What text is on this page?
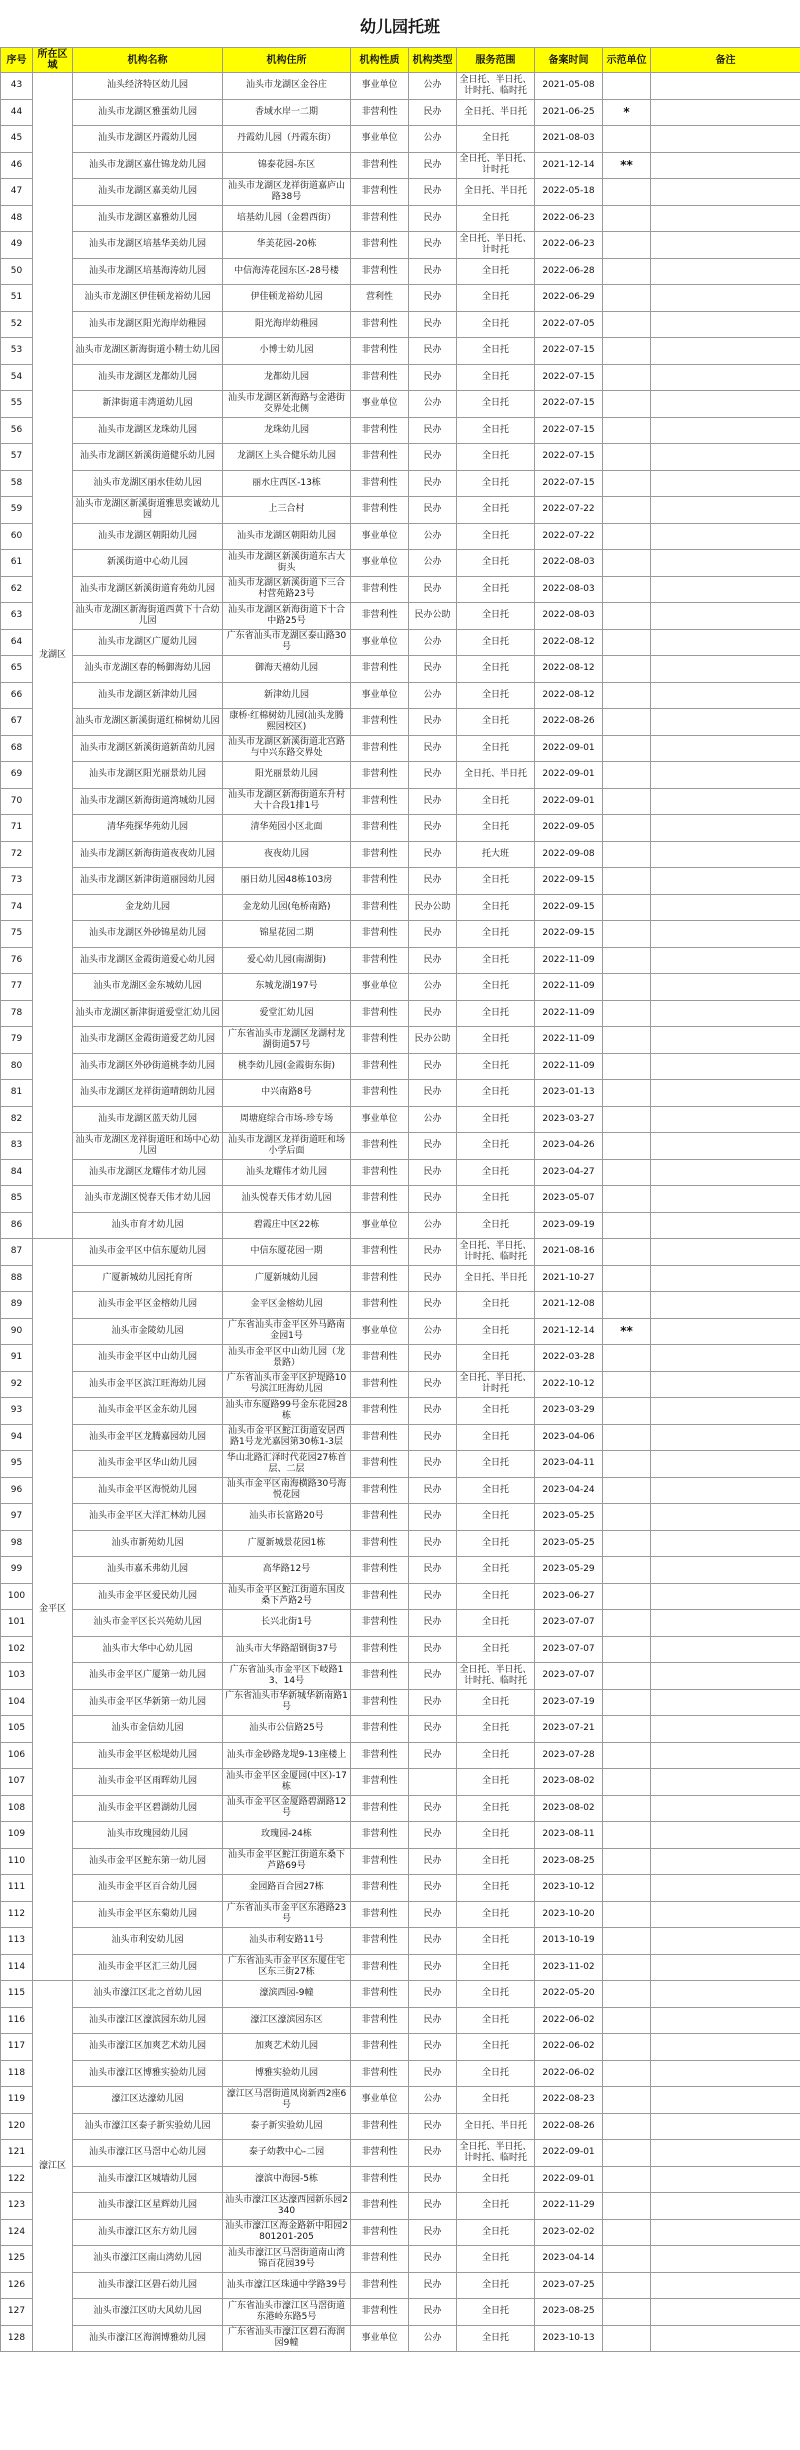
幼儿园托班
序号	所在区域	机构名称	机构住所	机构性质	机构类型	服务范围	备案时间	示范单位	备注
43	龙湖区	汕头经济特区幼儿园	汕头市龙湖区金谷庄	事业单位	公办	全日托、半日托、计时托、临时托	2021-05-08		
44		汕头市龙湖区雅蛋幼儿园	香域水岸一二期	非营利性	民办	全日托、半日托	2021-06-25	*	
45		汕头市龙湖区丹霞幼儿园	丹霞幼儿园（丹霞东街）	事业单位	公办	全日托	2021-08-03		
46		汕头市龙湖区嘉仕锦龙幼儿园	锦泰花园-东区	非营利性	民办	全日托、半日托、计时托	2021-12-14	**	
47		汕头市龙湖区嘉美幼儿园	汕头市龙湖区龙祥街道嘉庐山路38号	非营利性	民办	全日托、半日托	2022-05-18		
48		汕头市龙湖区嘉雅幼儿园	培基幼儿园（金碧西街）	非营利性	民办	全日托	2022-06-23		
49		汕头市龙湖区培基华美幼儿园	华美花园-20栋	非营利性	民办	全日托、半日托、计时托	2022-06-23		
50		汕头市龙湖区培基海涛幼儿园	中信海涛花园东区-28号楼	非营利性	民办	全日托	2022-06-28		
51		汕头市龙湖区伊佳顿龙裕幼儿园	伊佳顿龙裕幼儿园	营利性	民办	全日托	2022-06-29		
52		汕头市龙湖区阳光海岸幼稚园	阳光海岸幼稚园	非营利性	民办	全日托	2022-07-05		
53		汕头市龙湖区新海街道小精士幼儿园	小博士幼儿园	非营利性	民办	全日托	2022-07-15		
54		汕头市龙湖区龙都幼儿园	龙都幼儿园	非营利性	民办	全日托	2022-07-15		
55		新津街道丰湾道幼儿园	汕头市龙湖区新海路与金港街交界处北侧	事业单位	公办	全日托	2022-07-15		
56		汕头市龙湖区龙珠幼儿园	龙珠幼儿园	非营利性	民办	全日托	2022-07-15		
57		汕头市龙湖区新溪街道健乐幼儿园	龙湖区上头合健乐幼儿园	非营利性	民办	全日托	2022-07-15		
58		汕头市龙湖区丽水佳幼儿园	丽水庄西区-13栋	非营利性	民办	全日托	2022-07-15		
59		汕头市龙湖区新溪街道雅思奕诚幼儿园	上三合村	非营利性	民办	全日托	2022-07-22		
60		汕头市龙湖区朝阳幼儿园	汕头市龙湖区朝阳幼儿园	事业单位	公办	全日托	2022-07-22		
61		新溪街道中心幼儿园	汕头市龙湖区新溪街道东古大街头	事业单位	公办	全日托	2022-08-03		
62		汕头市龙湖区新溪街道育苑幼儿园	汕头市龙湖区新溪街道下三合村营苑路23号	非营利性	民办	全日托	2022-08-03		
63		汕头市龙湖区新海街道西黄下十合幼儿园	汕头市龙湖区新海街道下十合中路25号	非营利性	民办公助	全日托	2022-08-03		
64		汕头市龙湖区广厦幼儿园	广东省汕头市龙湖区泰山路30号	事业单位	公办	全日托	2022-08-12		
65		汕头市龙湖区春的畅御海幼儿园	御海天禧幼儿园	非营利性	民办	全日托	2022-08-12		
66		汕头市龙湖区新津幼儿园	新津幼儿园	事业单位	公办	全日托	2022-08-12		
67		汕头市龙湖区新溪街道红棉树幼儿园	康桥·红棉树幼儿园(汕头龙腾熙园校区)	非营利性	民办	全日托	2022-08-26		
68		汕头市龙湖区新溪街道新苗幼儿园	汕头市龙湖区新溪街道北宫路与中兴东路交界处	非营利性	民办	全日托	2022-09-01		
69		汕头市龙湖区阳光丽景幼儿园	阳光丽景幼儿园	非营利性	民办	全日托、半日托	2022-09-01		
70		汕头市龙湖区新海街道湾城幼儿园	汕头市龙湖区新海街道东升村大十合段1排1号	非营利性	民办	全日托	2022-09-01		
71		清华苑探华苑幼儿园	清华苑园小区北面	非营利性	民办	全日托	2022-09-05		
72		汕头市龙湖区新海街道夜夜幼儿园	夜夜幼儿园	非营利性	民办	托大班	2022-09-08		
73		汕头市龙湖区新津街道丽园幼儿园	丽日幼儿园48栋103房	非营利性	民办	全日托	2022-09-15		
74		金龙幼儿园	金龙幼儿园(龟桥南路)	非营利性	民办公助	全日托	2022-09-15		
75		汕头市龙湖区外砂锦星幼儿园	锦星花园二期	非营利性	民办	全日托	2022-09-15		
76		汕头市龙湖区金霞街道爱心幼儿园	爱心幼儿园(南湖街)	非营利性	民办	全日托	2022-11-09		
77		汕头市龙湖区金东城幼儿园	东城龙湖197号	事业单位	公办	全日托	2022-11-09		
78		汕头市龙湖区新津街道爱堂汇幼儿园	爱堂汇幼儿园	非营利性	民办	全日托	2022-11-09		
79		汕头市龙湖区金霞街道爱艺幼儿园	广东省汕头市龙湖区龙湖村龙湖街道57号	非营利性	民办公助	全日托	2022-11-09		
80		汕头市龙湖区外砂街道桃李幼儿园	桃李幼儿园(金霞街东街)	非营利性	民办	全日托	2022-11-09		
81		汕头市龙湖区龙祥街道晴朗幼儿园	中兴南路8号	非营利性	民办	全日托	2023-01-13		
82		汕头市龙湖区蓝天幼儿园	周塘庭综合市场-珍专场	事业单位	公办	全日托	2023-03-27		
83		汕头市龙湖区龙祥街道旺和场中心幼儿园	汕头市龙湖区龙祥街道旺和场小学后面	非营利性	民办	全日托	2023-04-26		
84		汕头市龙湖区龙耀伟才幼儿园	汕头龙耀伟才幼儿园	非营利性	民办	全日托	2023-04-27		
85		汕头市龙湖区悦春天伟才幼儿园	汕头悦春天伟才幼儿园	非营利性	民办	全日托	2023-05-07		
86		汕头市育才幼儿园	碧霞庄中区22栋	事业单位	公办	全日托	2023-09-19		
87	金平区	汕头市金平区中信东厦幼儿园	中信东厦花园一期	非营利性	民办	全日托、半日托、计时托、临时托	2021-08-16		
88		广厦新城幼儿园托育所	广厦新城幼儿园	非营利性	民办	全日托、半日托	2021-10-27		
89		汕头市金平区金榕幼儿园	金平区金榕幼儿园	非营利性	民办	全日托	2021-12-08		
90		汕头市金陵幼儿园	广东省汕头市金平区外马路南金园1号	事业单位	公办	全日托	2021-12-14	**	
91		汕头市金平区中山幼儿园	汕头市金平区中山幼儿园（龙景路）	非营利性	民办	全日托	2022-03-28		
92		汕头市金平区滨江旺海幼儿园	广东省汕头市金平区护堤路10号滨江旺海幼儿园	非营利性	民办	全日托、半日托、计时托	2022-10-12		
93		汕头市金平区金东幼儿园	汕头市东厦路99号金东花园28栋	非营利性	民办	全日托	2023-03-29		
94		汕头市金平区龙腾嘉园幼儿园	汕头市金平区鮀江街道安居西路1号龙光嘉园第30栋1-3层	非营利性	民办	全日托	2023-04-06		
95		汕头市金平区华山幼儿园	华山北路汇泽时代花园27栋首层、二层	非营利性	民办	全日托	2023-04-11		
96		汕头市金平区海悦幼儿园	汕头市金平区南海横路30号海悦花园	非营利性	民办	全日托	2023-04-24		
97		汕头市金平区大洋汇林幼儿园	汕头市长富路20号	非营利性	民办	全日托	2023-05-25		
98		汕头市新苑幼儿园	广厦新城景花园1栋	非营利性	民办	全日托	2023-05-25		
99		汕头市嘉禾弗幼儿园	高华路12号	非营利性	民办	全日托	2023-05-29		
100		汕头市金平区爱民幼儿园	汕头市金平区鮀江街道东国皮桑下芦路2号	非营利性	民办	全日托	2023-06-27		
101		汕头市金平区长兴苑幼儿园	长兴北街1号	非营利性	民办	全日托	2023-07-07		
102		汕头市大华中心幼儿园	汕头市大华路韶钢街37号	非营利性	民办	全日托	2023-07-07		
103		汕头市金平区广厦第一幼儿园	广东省汕头市金平区下岐路13、14号	非营利性	民办	全日托、半日托、计时托、临时托	2023-07-07		
104		汕头市金平区华新第一幼儿园	广东省汕头市华新城华新南路1号	非营利性	民办	全日托	2023-07-19		
105		汕头市金信幼儿园	汕头市公信路25号	非营利性	民办	全日托	2023-07-21		
106		汕头市金平区松堤幼儿园	汕头市金砂路龙堤9-13座楼上	非营利性	民办	全日托	2023-07-28		
107		汕头市金平区雨晖幼儿园	汕头市金平区金厦园(中区)-17栋	非营利性		全日托	2023-08-02		
108		汕头市金平区碧湖幼儿园	汕头市金平区金厦路碧湖路12号	非营利性	民办	全日托	2023-08-02		
109		汕头市玫瑰园幼儿园	玫瑰园-24栋	非营利性	民办	全日托	2023-08-11		
110		汕头市金平区鮀东第一幼儿园	汕头市金平区鮀江街道东桑下芦路69号	非营利性	民办	全日托	2023-08-25		
111		汕头市金平区百合幼儿园	金园路百合园27栋	非营利性	民办	全日托	2023-10-12		
112		汕头市金平区东菊幼儿园	广东省汕头市金平区东港路23号	非营利性	民办	全日托	2023-10-20		
113		汕头市利安幼儿园	汕头市利安路11号	非营利性	民办	全日托	2013-10-19		
114		汕头市金平区汇三幼儿园	广东省汕头市金平区东厦住宅区东三街27栋	非营利性	民办	全日托	2023-11-02		
115	濠江区	汕头市濠江区北之首幼儿园	濠滨西园-9幢	非营利性	民办	全日托	2022-05-20		
116		汕头市濠江区濠滨园东幼儿园	濠江区濠滨园东区	非营利性	民办	全日托	2022-06-02		
117		汕头市濠江区加爽艺术幼儿园	加爽艺术幼儿园	非营利性	民办	全日托	2022-06-02		
118		汕头市濠江区博雅实验幼儿园	博雅实验幼儿园	非营利性	民办	全日托	2022-06-02		
119		濠江区达濠幼儿园	濠江区马滘街道凤岗新西2座6号	事业单位	公办	全日托	2022-08-23		
120		汕头市濠江区泰子新实验幼儿园	泰子新实验幼儿园	非营利性	民办	全日托、半日托	2022-08-26		
121		汕头市濠江区马滘中心幼儿园	泰子幼教中心-二园	非营利性	民办	全日托、半日托、计时托、临时托	2022-09-01		
122		汕头市濠江区城墙幼儿园	濠滨中海园-5栋	非营利性	民办	全日托	2022-09-01		
123		汕头市濠江区星辉幼儿园	汕头市濠江区达濠西园新乐园2340	非营利性	民办	全日托	2022-11-29		
124		汕头市濠江区东方幼儿园	汕头市濠江区海金路新中阳园2801201-205	非营利性	民办	全日托	2023-02-02		
125		汕头市濠江区南山湾幼儿园	汕头市濠江区马滘街道南山湾锦百花园39号	非营利性	民办	全日托	2023-04-14		
126		汕头市濠江区礐石幼儿园	汕头市濠江区珠通中学路39号	非营利性	民办	全日托	2023-07-25		
127		汕头市濠江区叻大风幼儿园	广东省汕头市濠江区马滘街道东港岭东路5号	非营利性	民办	全日托	2023-08-25		
128		汕头市濠江区海润博雅幼儿园	广东省汕头市濠江区碧石海润园9幢	事业单位	公办	全日托	2023-10-13		
